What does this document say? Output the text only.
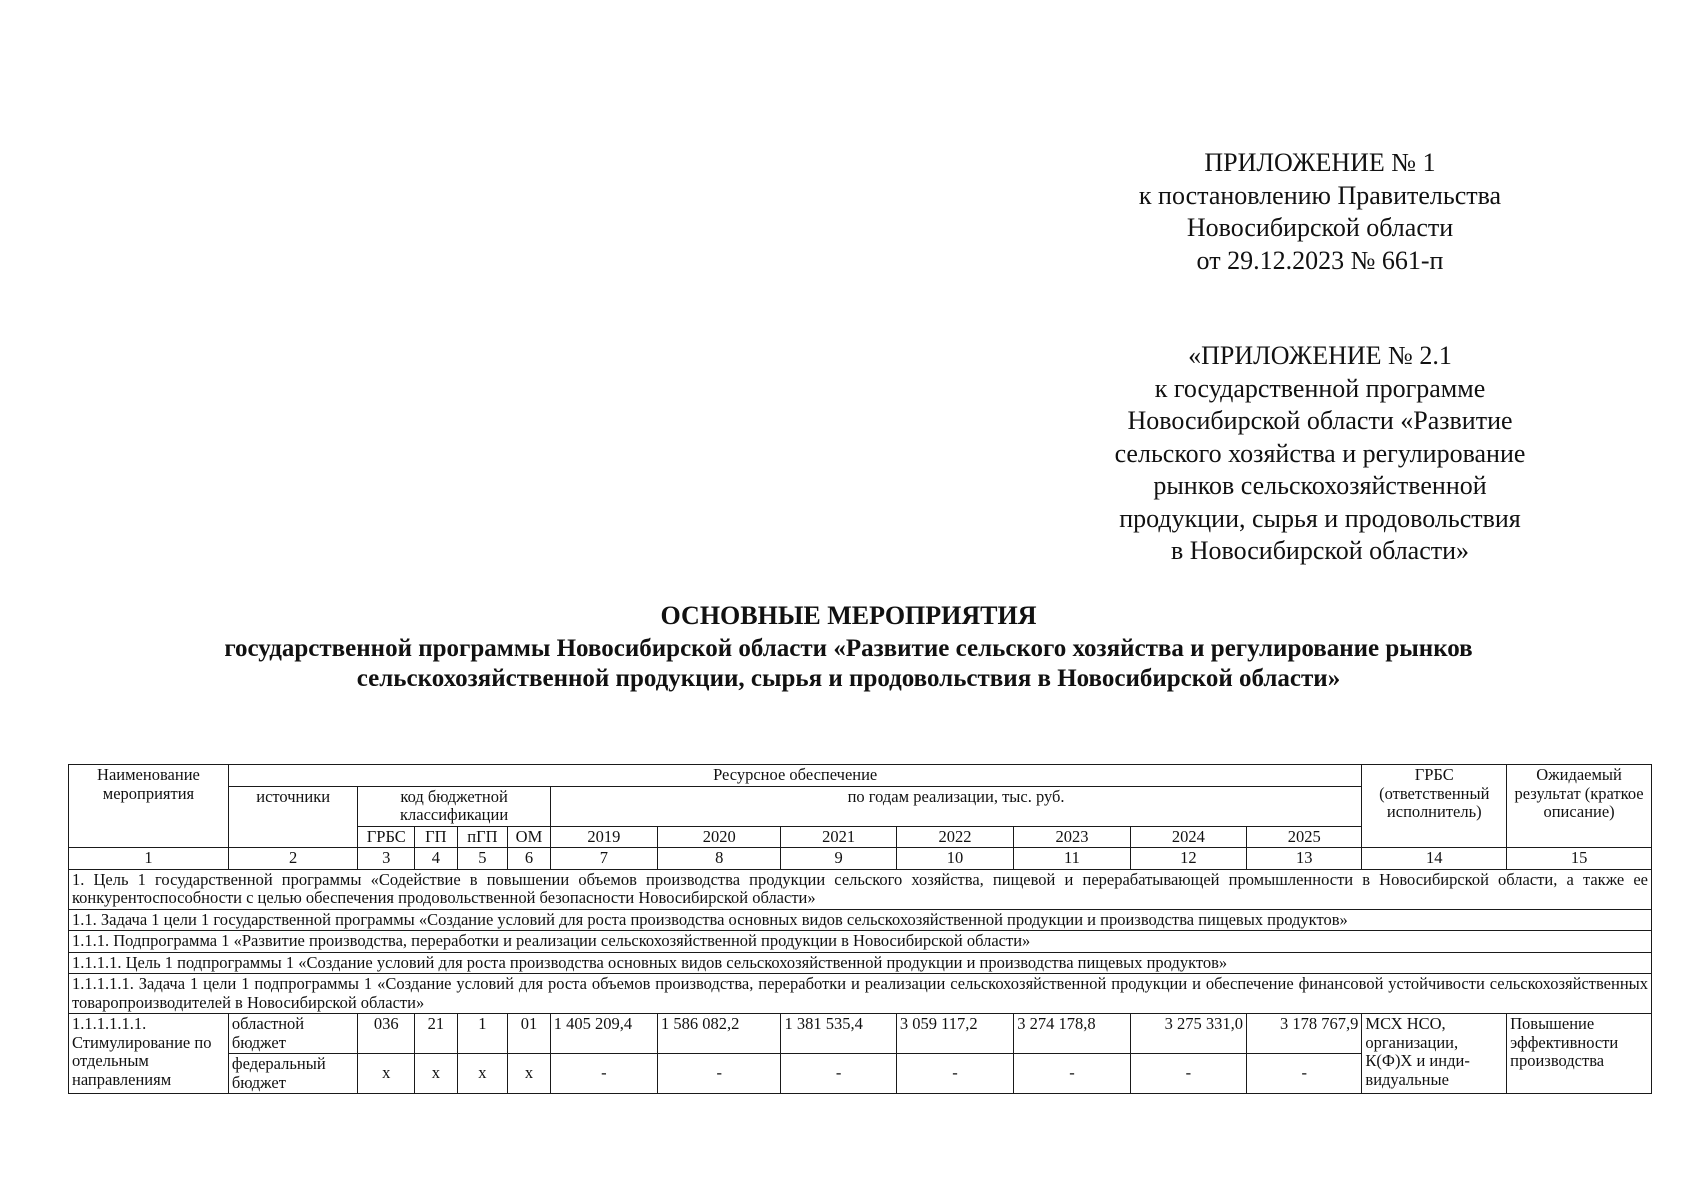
ПРИЛОЖЕНИЕ № 1
к постановлению Правительства
Новосибирской области
от 29.12.2023 № 661-п
«ПРИЛОЖЕНИЕ № 2.1
к государственной программе
Новосибирской области «Развитие
сельского хозяйства и регулирование
рынков сельскохозяйственной
продукции, сырья и продовольствия
в Новосибирской области»
ОСНОВНЫЕ МЕРОПРИЯТИЯ
государственной программы Новосибирской области «Развитие сельского хозяйства и регулирование рынков
сельскохозяйственной продукции, сырья и продовольствия в Новосибирской области»
Наименование мероприятия	Ресурсное обеспечение												ГРБС (ответственный исполнитель)	Ожидаемый результат (краткое описание)
	источники	код бюджетной классификации				по годам реализации, тыс. руб.								
		ГРБС	ГП	пГП	ОМ	2019	2020	2021	2022	2023	2024	2025		
1	2	3	4	5	6	7	8	9	10	11	12	13	14	15
1. Цель 1 государственной программы «Содействие в повышении объемов производства продукции сельского хозяйства, пищевой и перерабатывающей промышленности в Новосибирской области, а также ее конкурентоспособности с целью обеспечения продовольственной безопасности Новосибирской области»														
1.1. Задача 1 цели 1 государственной программы «Создание условий для роста производства основных видов сельскохозяйственной продукции и производства пищевых продуктов»														
1.1.1. Подпрограмма 1 «Развитие производства, переработки и реализации сельскохозяйственной продукции в Новосибирской области»														
1.1.1.1. Цель 1 подпрограммы 1 «Создание условий для роста производства основных видов сельскохозяйственной продукции и производства пищевых продуктов»														
1.1.1.1.1. Задача 1 цели 1 подпрограммы 1 «Создание условий для роста объемов производства, переработки и реализации сельскохозяйственной продукции и обеспечение финансовой устойчивости сельскохозяйственных товаропроизводителей в Новосибирской области»														
1.1.1.1.1.1. Стимулирование по отдельным направлениям	областной бюджет	036	21	1	01	1 405 209,4	1 586 082,2	1 381 535,4	3 059 117,2	3 274 178,8	3 275 331,0	3 178 767,9	МСХ НСО, организации, К(Ф)Х и инди-видуальные	Повышение эффективности производства
	федеральный бюджет	х	х	х	х	-	-	-	-	-	-	-		
